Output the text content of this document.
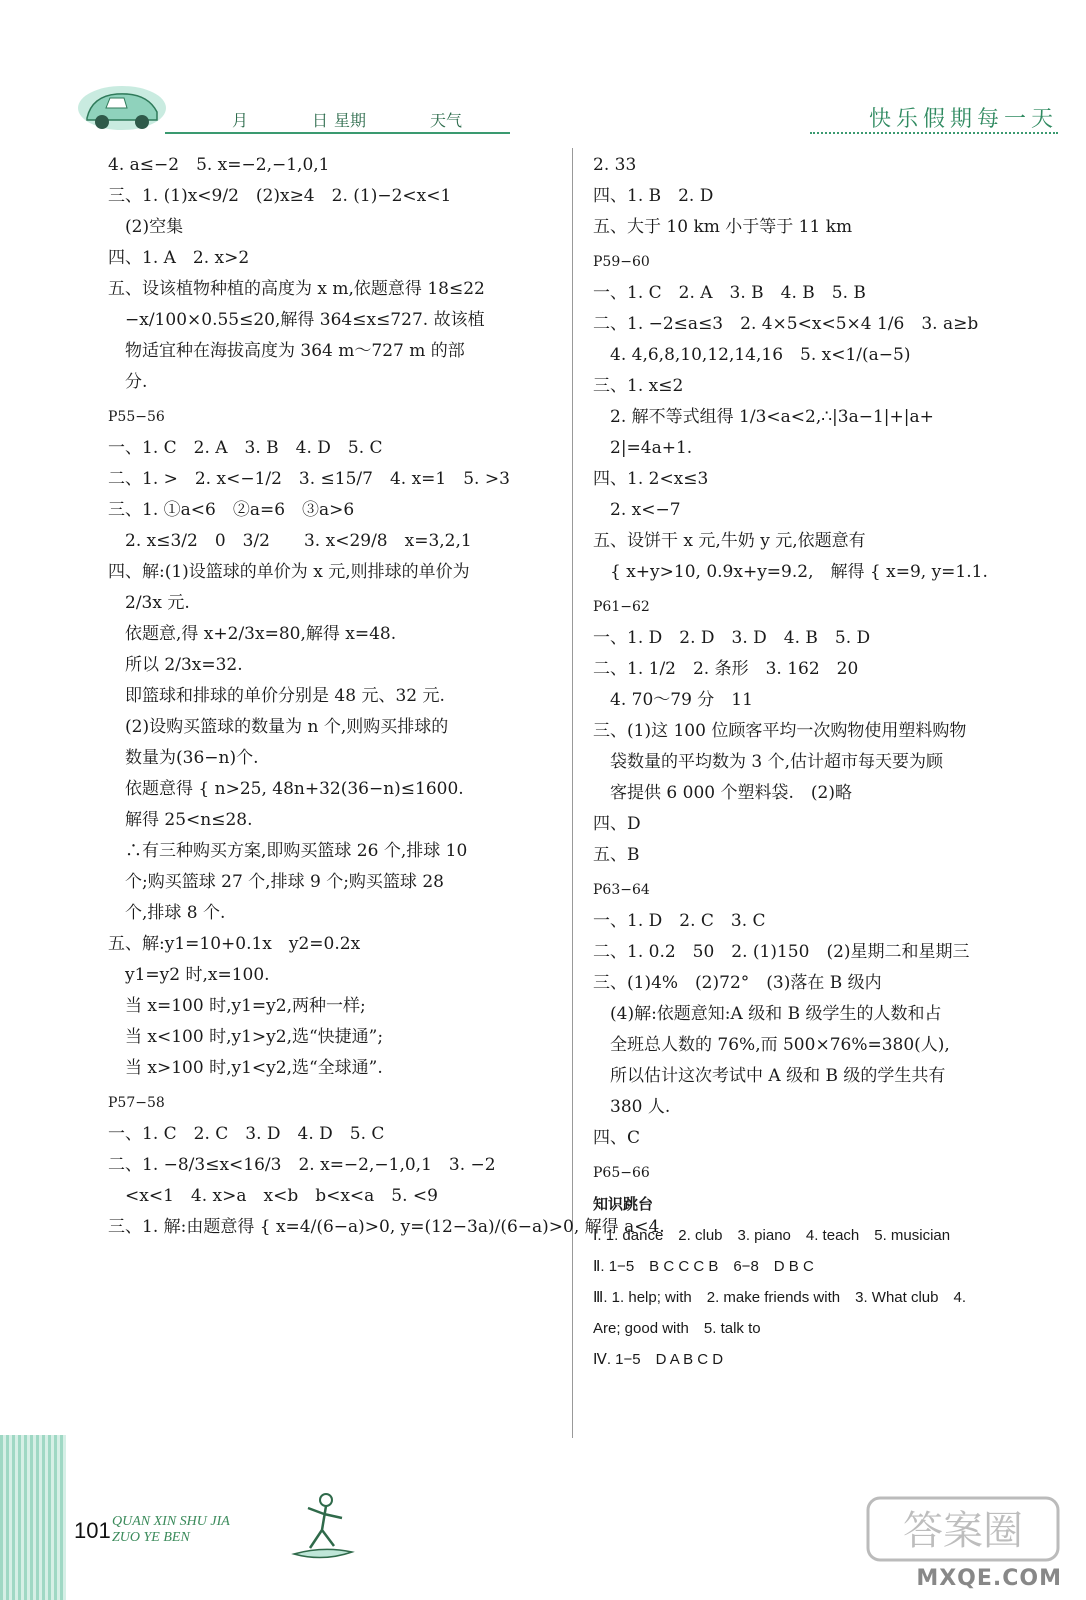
月	日 星期	天气	快乐假期每一天
4. a≤−2　5. x=−2,−1,0,1
三、1. (1)x<9/2　(2)x≥4　2. (1)−2<x<1
　(2)空集
四、1. A　2. x>2
五、设该植物种植的高度为 x m,依题意得 18≤22
　−x/100×0.55≤20,解得 364≤x≤727. 故该植
　物适宜种在海拔高度为 364 m～727 m 的部
　分.
P55−56
一、1. C　2. A　3. B　4. D　5. C
二、1. >　2. x<−1/2　3. ≤15/7　4. x=1　5. >3
三、1. ①a<6　②a=6　③a>6
　2. x≤3/2　0　3/2　　3. x<29/8　x=3,2,1
四、解:(1)设篮球的单价为 x 元,则排球的单价为
　2/3x 元.
　依题意,得 x+2/3x=80,解得 x=48.
　所以 2/3x=32.
　即篮球和排球的单价分别是 48 元、32 元.
　(2)设购买篮球的数量为 n 个,则购买排球的
　数量为(36−n)个.
　依题意得 { n>25, 48n+32(36−n)≤1600.
　解得 25<n≤28.
　∴有三种购买方案,即购买篮球 26 个,排球 10
　个;购买篮球 27 个,排球 9 个;购买篮球 28
　个,排球 8 个.
五、解:y1=10+0.1x　y2=0.2x
　y1=y2 时,x=100.
　当 x=100 时,y1=y2,两种一样;
　当 x<100 时,y1>y2,选“快捷通”;
　当 x>100 时,y1<y2,选“全球通”.
P57−58
一、1. C　2. C　3. D　4. D　5. C
二、1. −8/3≤x<16/3　2. x=−2,−1,0,1　3. −2
　<x<1　4. x>a　x<b　b<x<a　5. <9
三、1. 解:由题意得 { x=4/(6−a)>0, y=(12−3a)/(6−a)>0, 解得 a<4.
2. 33
四、1. B　2. D
五、大于 10 km 小于等于 11 km
P59−60
一、1. C　2. A　3. B　4. B　5. B
二、1. −2≤a≤3　2. 4×5<x<5×4 1/6　3. a≥b
　4. 4,6,8,10,12,14,16　5. x<1/(a−5)
三、1. x≤2
　2. 解不等式组得 1/3<a<2,∴|3a−1|+|a+
　2|=4a+1.
四、1. 2<x≤3
　2. x<−7
五、设饼干 x 元,牛奶 y 元,依题意有
　{ x+y>10, 0.9x+y=9.2,　解得 { x=9, y=1.1.
P61−62
一、1. D　2. D　3. D　4. B　5. D
二、1. 1/2　2. 条形　3. 162　20
　4. 70～79 分　11
三、(1)这 100 位顾客平均一次购物使用塑料购物
　袋数量的平均数为 3 个,估计超市每天要为顾
　客提供 6 000 个塑料袋.　(2)略
四、D
五、B
P63−64
一、1. D　2. C　3. C
二、1. 0.2　50　2. (1)150　(2)星期二和星期三
三、(1)4%　(2)72°　(3)落在 B 级内
　(4)解:依题意知:A 级和 B 级学生的人数和占
　全班总人数的 76%,而 500×76%=380(人),
　所以估计这次考试中 A 级和 B 级的学生共有
　380 人.
四、C
P65−66
知识跳台
Ⅰ. 1. dance　2. club　3. piano　4. teach　5. musician
Ⅱ. 1−5　B C C C B　6−8　D B C
Ⅲ. 1. help; with　2. make friends with　3. What club　4.
Are; good with　5. talk to
Ⅳ. 1−5　D A B C D
101 QUAN XIN SHU JIA
ZUO YE BEN	答案圈
MXQE.COM
